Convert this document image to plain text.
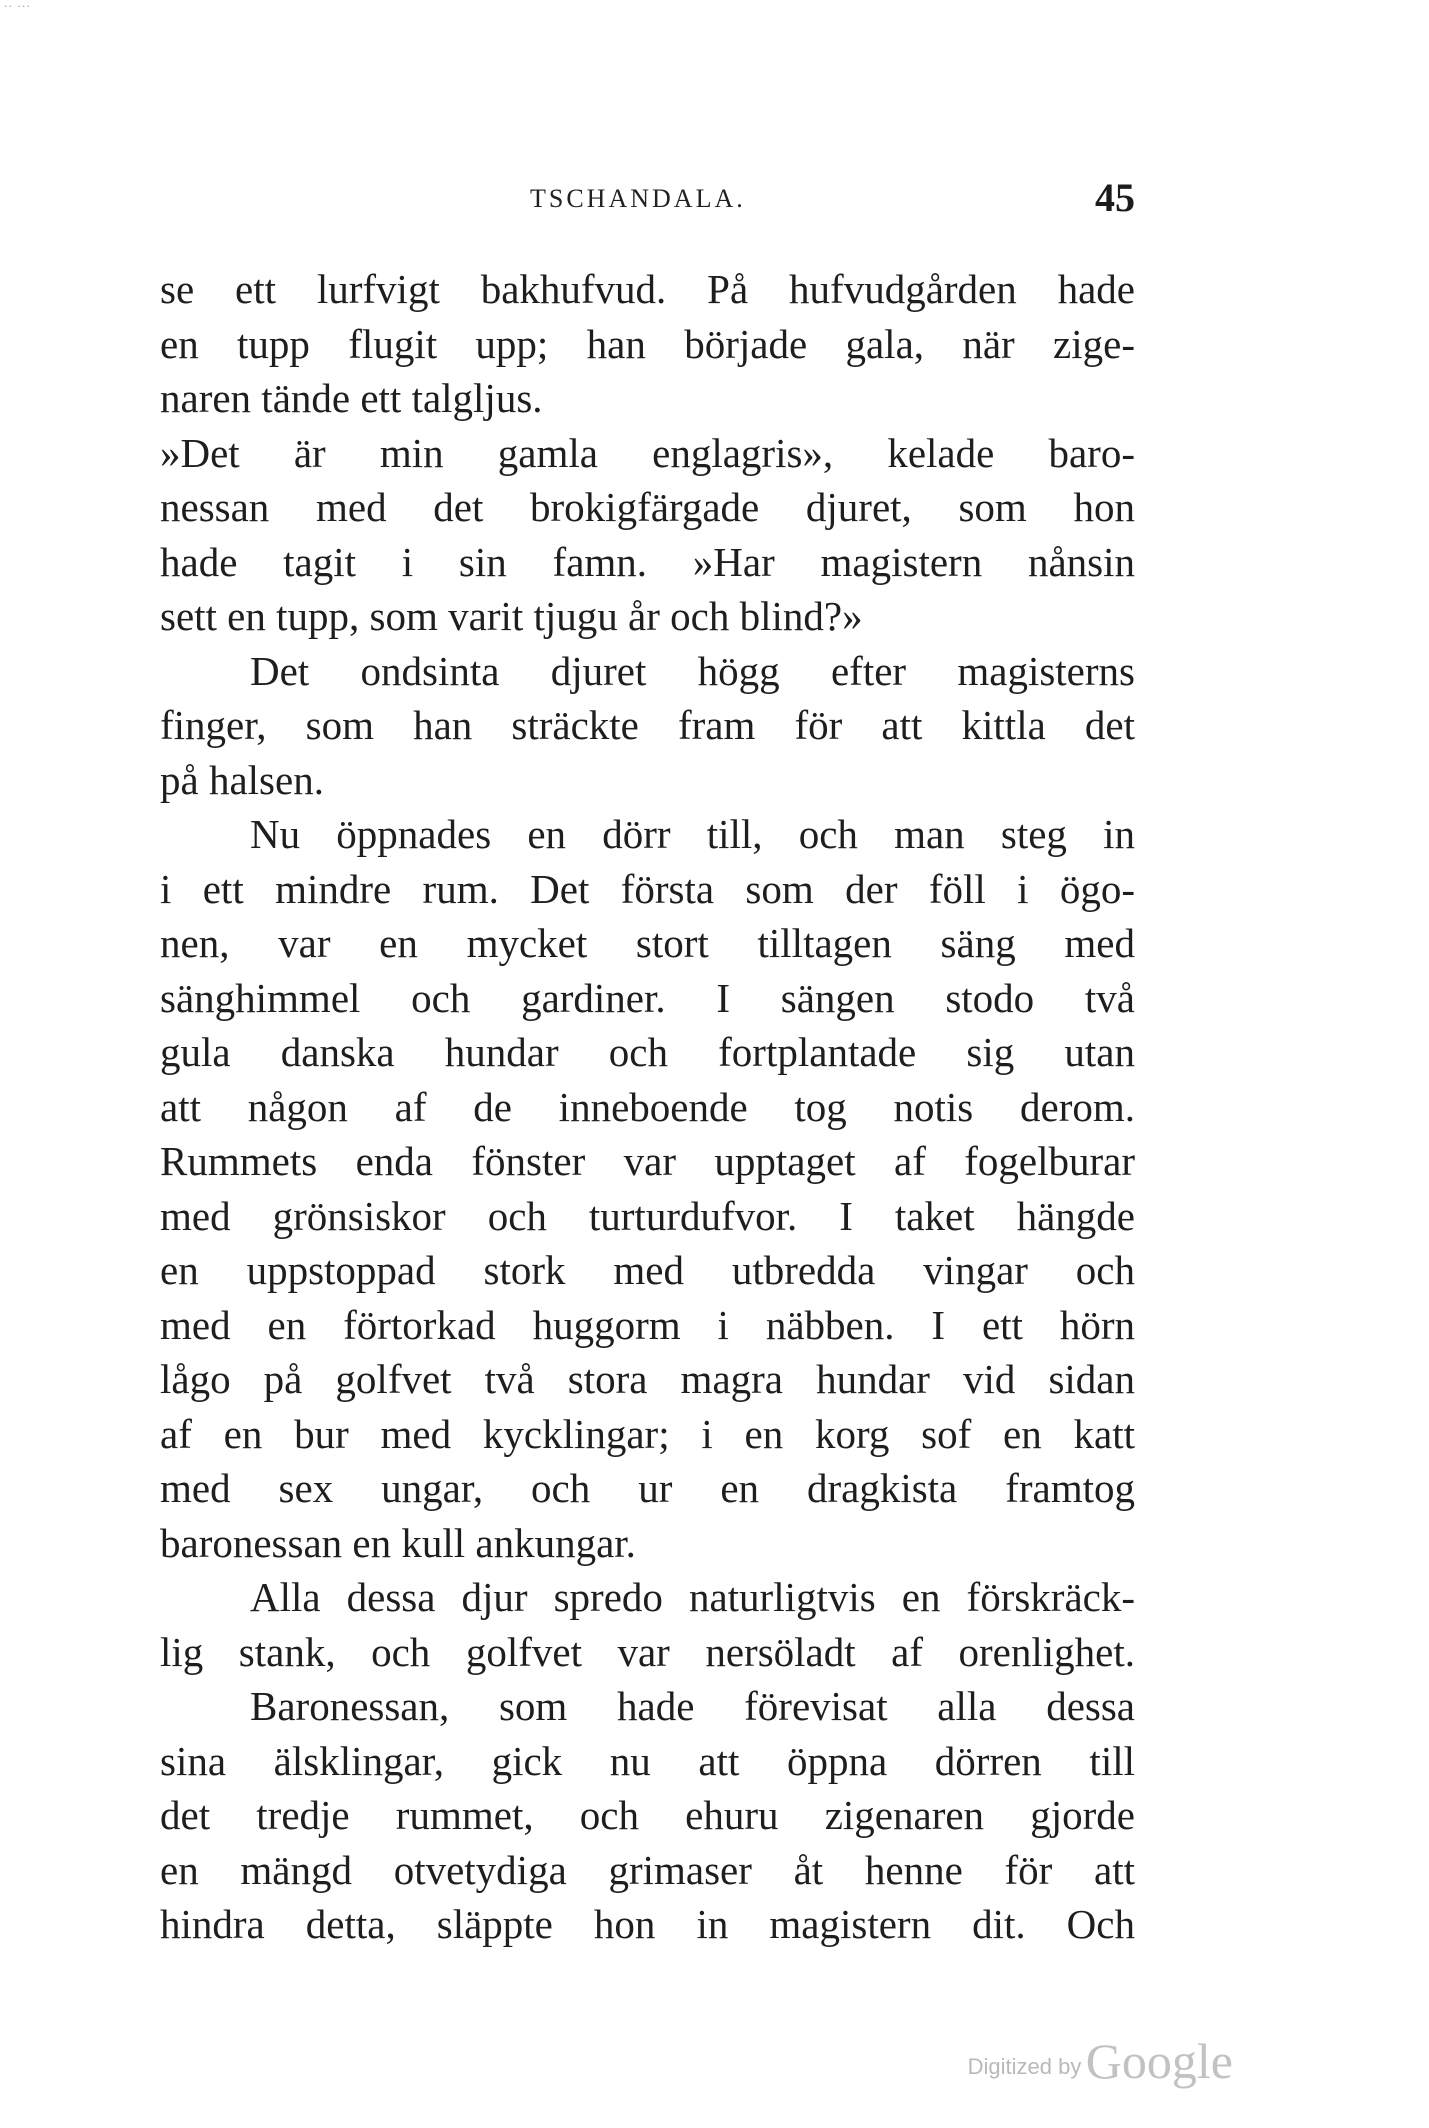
·· ···
TSCHANDALA.	45
se ett lurfvigt bakhufvud. På hufvudgården hade
en tupp flugit upp; han började gala, när zige-
naren tände ett talgljus.
»Det är min gamla englagris», kelade baro-
nessan med det brokigfärgade djuret, som hon
hade tagit i sin famn. »Har magistern nånsin
sett en tupp, som varit tjugu år och blind?»
Det ondsinta djuret högg efter magisterns
finger, som han sträckte fram för att kittla det
på halsen.
Nu öppnades en dörr till, och man steg in
i ett mindre rum. Det första som der föll i ögo-
nen, var en mycket stort tilltagen säng med
sänghimmel och gardiner. I sängen stodo två
gula danska hundar och fortplantade sig utan
att någon af de inneboende tog notis derom.
Rummets enda fönster var upptaget af fogelburar
med grönsiskor och turturdufvor. I taket hängde
en uppstoppad stork med utbredda vingar och
med en förtorkad huggorm i näbben. I ett hörn
lågo på golfvet två stora magra hundar vid sidan
af en bur med kycklingar; i en korg sof en katt
med sex ungar, och ur en dragkista framtog
baronessan en kull ankungar.
Alla dessa djur spredo naturligtvis en förskräck-
lig stank, och golfvet var nersöladt af orenlighet.
Baronessan, som hade förevisat alla dessa
sina älsklingar, gick nu att öppna dörren till
det tredje rummet, och ehuru zigenaren gjorde
en mängd otvetydiga grimaser åt henne för att
hindra detta, släppte hon in magistern dit. Och
Digitized by Google
